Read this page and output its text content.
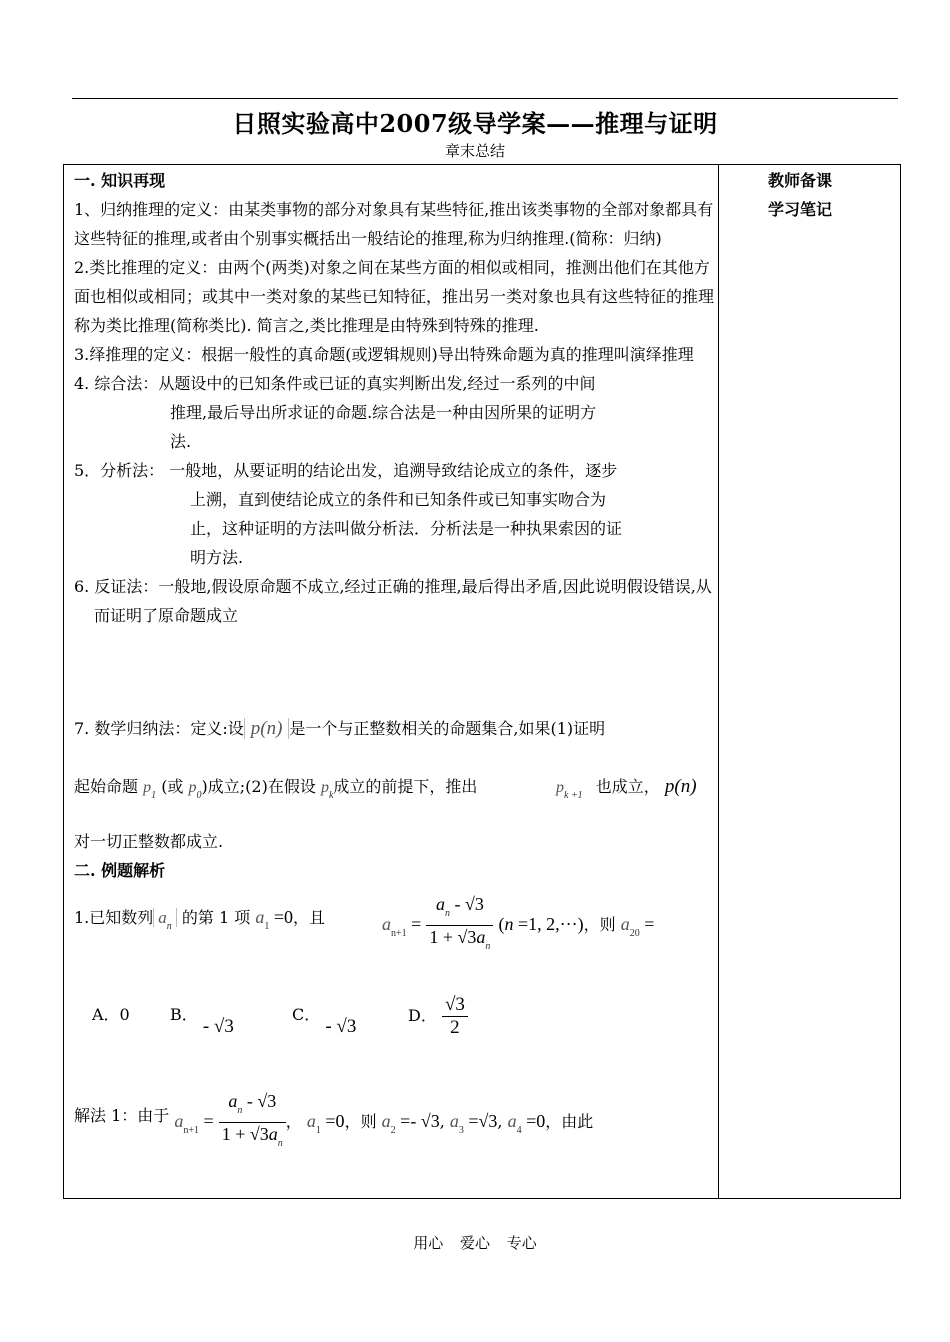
日照实验高中2007级导学案——推理与证明
章末总结
教师备课
学习笔记

一. 知识再现

1、归纳推理的定义：由某类事物的部分对象具有某些特征,推出该类事物的全部对象都具有这些特征的推理,或者由个别事实概括出一般结论的推理,称为归纳推理.(简称：归纳)

2.类比推理的定义：由两个(两类)对象之间在某些方面的相似或相同，推测出他们在其他方面也相似或相同；或其中一类对象的某些已知特征，推出另一类对象也具有这些特征的推理称为类比推理(简称类比). 简言之,类比推理是由特殊到特殊的推理.

3.绎推理的定义：根据一般性的真命题(或逻辑规则)导出特殊命题为真的推理叫演绎推理

4. 综合法：从题设中的已知条件或已证的真实判断出发,经过一系列的中间

推理,最后导出所求证的命题.综合法是一种由因所果的证明方

法.

5．分析法： 一般地，从要证明的结论出发，追溯导致结论成立的条件，逐步

上溯，直到使结论成立的条件和已知条件或已知事实吻合为

止，这种证明的方法叫做分析法．分析法是一种执果索因的证

明方法.

6. 反证法：一般地,假设原命题不成立,经过正确的推理,最后得出矛盾,因此说明假设错误,从而证明了原命题成立

7. 数学归纳法：定义:设 p(n) 是一个与正整数相关的命题集合,如果(1)证明
起始命题 $p_1$ (或 $p_0$)成立;(2)在假设 $p_k$成立的前提下，推出	$p_{k +1}$ 也成立， p(n)
对一切正整数都成立.
二. 例题解析
1.已知数列 $a_n$ 的第 1 项 $a_1 =0$，且	$a_{n+1} = \frac{a_n - √3}{1 + √3a_n} (n =1$, 2,···)，则 $a_{20}$ =
A．0	B． - √3
C． - √3
D． $\frac{√3}{2}$
解法 1：由于 $a_{n+1} = \frac{a_n - √3}{1 + √3a_n}$ ， $a_1 =0$，则 $a_2 =- √3$, $a_3 =√3$, $a_4 =0$，由此
用心 爱心 专心
